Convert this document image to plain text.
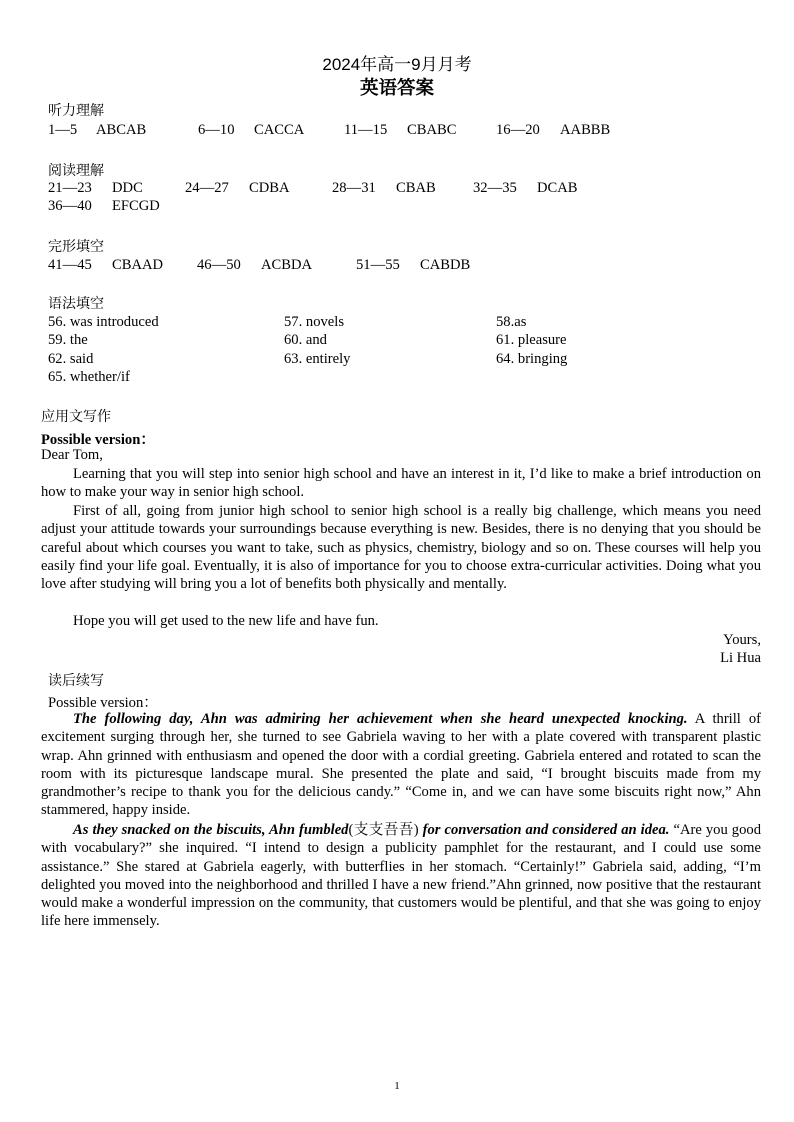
2024年高一9月月考
英语答案
听力理解
1—5 ABCAB	6—10 CACCA	11—15 CBABC	16—20 AABBB
阅读理解
21—23 DDC	24—27 CDBA	28—31 CBAB	32—35 DCAB
36—40 EFCGD
完形填空
41—45 CBAAD 46—50 ACBDA	51—55 CABDB
语法填空
56. was introduced	57. novels	58.as
59. the	60. and	61. pleasure
62. said	63. entirely	64. bringing
65. whether/if
应用文写作
Possible version：
Dear Tom,
Learning that you will step into senior high school and have an interest in it, I’d like to make a brief introduction on how to make your way in senior high school.
First of all, going from junior high school to senior high school is a really big challenge, which means you need adjust your attitude towards your surroundings because everything is new. Besides, there is no denying that you should be careful about which courses you want to take, such as physics, chemistry, biology and so on. These courses will help you easily find your life goal. Eventually, it is also of importance for you to choose extra-curricular activities. Doing what you love after studying will bring you a lot of benefits both physically and mentally.
Hope you will get used to the new life and have fun.
Yours,
Li Hua
读后续写
Possible version：
The following day, Ahn was admiring her achievement when she heard unexpected knocking. A thrill of excitement surging through her, she turned to see Gabriela waving to her with a plate covered with transparent plastic wrap. Ahn grinned with enthusiasm and opened the door with a cordial greeting. Gabriela entered and rotated to scan the room with its picturesque landscape mural. She presented the plate and said, “I brought biscuits made from my grandmother’s recipe to thank you for the delicious candy.” “Come in, and we can have some biscuits right now,” Ahn stammered, happy inside.
As they snacked on the biscuits, Ahn fumbled(支支吾吾) for conversation and considered an idea. “Are you good with vocabulary?” she inquired. “I intend to design a publicity pamphlet for the restaurant, and I could use some assistance.” She stared at Gabriela eagerly, with butterflies in her stomach. “Certainly!” Gabriela said, adding, “I’m delighted you moved into the neighborhood and thrilled I have a new friend.”Ahn grinned, now positive that the restaurant would make a wonderful impression on the community, that customers would be plentiful, and that she was going to enjoy life here immensely.
1
